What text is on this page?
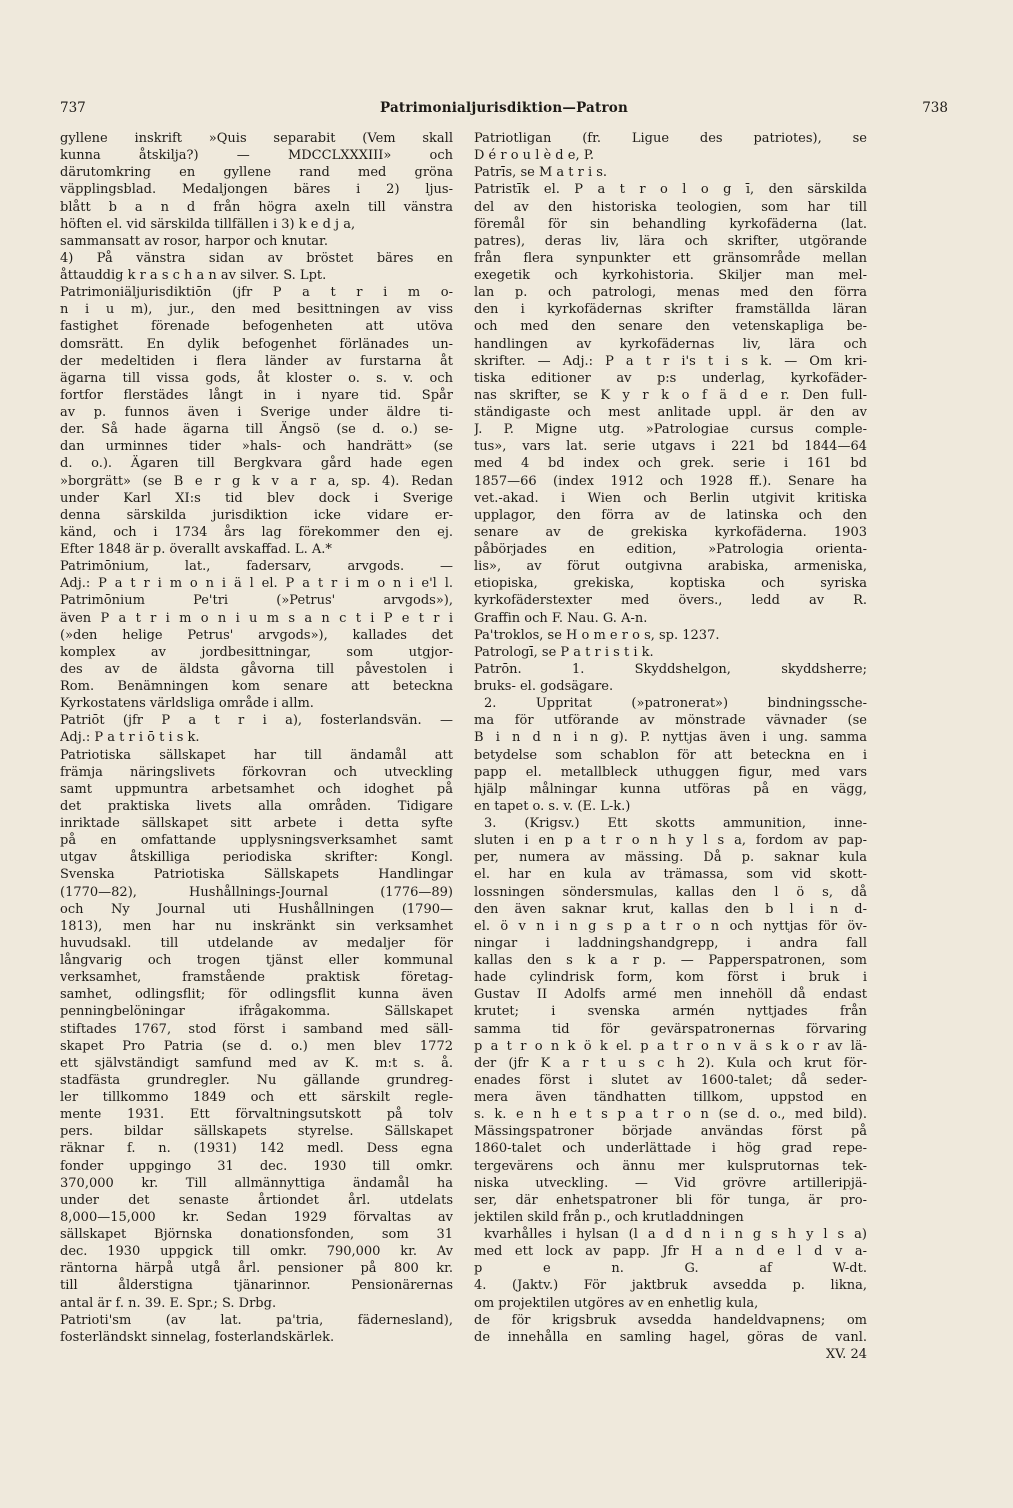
737	Patrimonialjurisdiktion—Patron	738
gyllene inskrift »Quis separabit (Vem skall
kunna åtskilja?) — MDCCLXXXIII» och
därutomkring en gyllene rand med gröna
väpplingsblad. Medaljongen bäres i 2) ljus-
blått b a n d från högra axeln till vänstra
höften el. vid särskilda tillfällen i 3) k e d j a,
sammansatt av rosor, harpor och knutar.
4) På vänstra sidan av bröstet bäres en
åttauddig k r a s c h a n av silver. S. Lpt.
Patrimoniäljurisdiktiōn (jfr P a t r i m o-
n i u m), jur., den med besittningen av viss
fastighet förenade befogenheten att utöva
domsrätt. En dylik befogenhet förlänades un-
der medeltiden i flera länder av furstarna åt
ägarna till vissa gods, åt kloster o. s. v. och
fortfor flerstädes långt in i nyare tid. Spår
av p. funnos även i Sverige under äldre ti-
der. Så hade ägarna till Ängsö (se d. o.) se-
dan urminnes tider »hals- och handrätt» (se
d. o.). Ägaren till Bergkvara gård hade egen
»borgrätt» (se B e r g k v a r a, sp. 4). Redan
under Karl XI:s tid blev dock i Sverige
denna särskilda jurisdiktion icke vidare er-
känd, och i 1734 års lag förekommer den ej.
Efter 1848 är p. överallt avskaffad. L. A.*
Patrimōnium, lat., fadersarv, arvgods. —
Adj.: P a t r i m o n i ä l el. P a t r i m o n i e'l l.
Patrimōnium Pe'tri (»Petrus' arvgods»),
även P a t r i m o n i u m s a n c t i P e t r i
(»den helige Petrus' arvgods»), kallades det
komplex av jordbesittningar, som utgjor-
des av de äldsta gåvorna till påvestolen i
Rom. Benämningen kom senare att beteckna
Kyrkostatens världsliga område i allm.
Patriōt (jfr P a t r i a), fosterlandsvän. —
Adj.: P a t r i ō t i s k.
Patriotiska sällskapet har till ändamål att
främja näringslivets förkovran och utveckling
samt uppmuntra arbetsamhet och idoghet på
det praktiska livets alla områden. Tidigare
inriktade sällskapet sitt arbete i detta syfte
på en omfattande upplysningsverksamhet samt
utgav åtskilliga periodiska skrifter: Kongl.
Svenska Patriotiska Sällskapets Handlingar
(1770—82), Hushållnings-Journal (1776—89)
och Ny Journal uti Hushållningen (1790—
1813), men har nu inskränkt sin verksamhet
huvudsakl. till utdelande av medaljer för
långvarig och trogen tjänst eller kommunal
verksamhet, framstående praktisk företag-
samhet, odlingsflit; för odlingsflit kunna även
penningbelöningar ifrågakomma. Sällskapet
stiftades 1767, stod först i samband med säll-
skapet Pro Patria (se d. o.) men blev 1772
ett självständigt samfund med av K. m:t s. å.
stadfästa grundregler. Nu gällande grundreg-
ler tillkommo 1849 och ett särskilt regle-
mente 1931. Ett förvaltningsutskott på tolv
pers. bildar sällskapets styrelse. Sällskapet
räknar f. n. (1931) 142 medl. Dess egna
fonder uppgingo 31 dec. 1930 till omkr.
370,000 kr. Till allmännyttiga ändamål ha
under det senaste årtiondet årl. utdelats
8,000—15,000 kr. Sedan 1929 förvaltas av
sällskapet Björnska donationsfonden, som 31
dec. 1930 uppgick till omkr. 790,000 kr. Av
räntorna härpå utgå årl. pensioner på 800 kr.
till ålderstigna tjänarinnor. Pensionärernas
antal är f. n. 39. E. Spr.; S. Drbg.
Patrioti'sm (av lat. pa'tria, fädernesland),
fosterländskt sinnelag, fosterlandskärlek.
Patriotligan (fr. Ligue des patriotes), se
D é r o u l è d e, P.
Patrīs, se M a t r i s.
Patristīk el. P a t r o l o g ī, den särskilda
del av den historiska teologien, som har till
föremål för sin behandling kyrkofäderna (lat.
patres), deras liv, lära och skrifter, utgörande
från flera synpunkter ett gränsområde mellan
exegetik och kyrkohistoria. Skiljer man mel-
lan p. och patrologi, menas med den förra
den i kyrkofädernas skrifter framställda läran
och med den senare den vetenskapliga be-
handlingen av kyrkofädernas liv, lära och
skrifter. — Adj.: P a t r i's t i s k. — Om kri-
tiska editioner av p:s underlag, kyrkofäder-
nas skrifter, se K y r k o f ä d e r. Den full-
ständigaste och mest anlitade uppl. är den av
J. P. Migne utg. »Patrologiae cursus comple-
tus», vars lat. serie utgavs i 221 bd 1844—64
med 4 bd index och grek. serie i 161 bd
1857—66 (index 1912 och 1928 ff.). Senare ha
vet.-akad. i Wien och Berlin utgivit kritiska
upplagor, den förra av de latinska och den
senare av de grekiska kyrkofäderna. 1903
påbörjades en edition, »Patrologia orienta-
lis», av förut outgivna arabiska, armeniska,
etiopiska, grekiska, koptiska och syriska
kyrkofäderstexter med övers., ledd av R.
Graffin och F. Nau. G. A-n.
Pa'troklos, se H o m e r o s, sp. 1237.
Patrologī, se P a t r i s t i k.
Patrōn. 1. Skyddshelgon, skyddsherre;
bruks- el. godsägare.
2. Uppritat (»patronerat») bindningssche-
ma för utförande av mönstrade vävnader (se
B i n d n i n g). P. nyttjas även i ung. samma
betydelse som schablon för att beteckna en i
papp el. metallbleck uthuggen figur, med vars
hjälp målningar kunna utföras på en vägg,
en tapet o. s. v. (E. L-k.)
3. (Krigsv.) Ett skotts ammunition, inne-
sluten i en p a t r o n h y l s a, fordom av pap-
per, numera av mässing. Då p. saknar kula
el. har en kula av trämassa, som vid skott-
lossningen söndersmulas, kallas den l ö s, då
den även saknar krut, kallas den b l i n d-
el. ö v n i n g s p a t r o n och nyttjas för öv-
ningar i laddningshandgrepp, i andra fall
kallas den s k a r p. — Papperspatronen, som
hade cylindrisk form, kom först i bruk i
Gustav II Adolfs armé men innehöll då endast
krutet; i svenska armén nyttjades från
samma tid för gevärspatronernas förvaring
p a t r o n k ö k el. p a t r o n v ä s k o r av lä-
der (jfr K a r t u s c h 2). Kula och krut för-
enades först i slutet av 1600-talet; då seder-
mera även tändhatten tillkom, uppstod en
s. k. e n h e t s p a t r o n (se d. o., med bild).
Mässingspatroner började användas först på
1860-talet och underlättade i hög grad repe-
tergevärens och ännu mer kulsprutornas tek-
niska utveckling. — Vid grövre artilleripjä-
ser, där enhetspatroner bli för tunga, är pro-
jektilen skild från p., och krutladdningen
kvarhålles i hylsan (l a d d n i n g s h y l s a)
med ett lock av papp. Jfr H a n d e l d v a-
p e n. G. af W-dt.
4. (Jaktv.) För jaktbruk avsedda p. likna,
om projektilen utgöres av en enhetlig kula,
de för krigsbruk avsedda handeldvapnens; om
de innehålla en samling hagel, göras de vanl.
XV. 24
